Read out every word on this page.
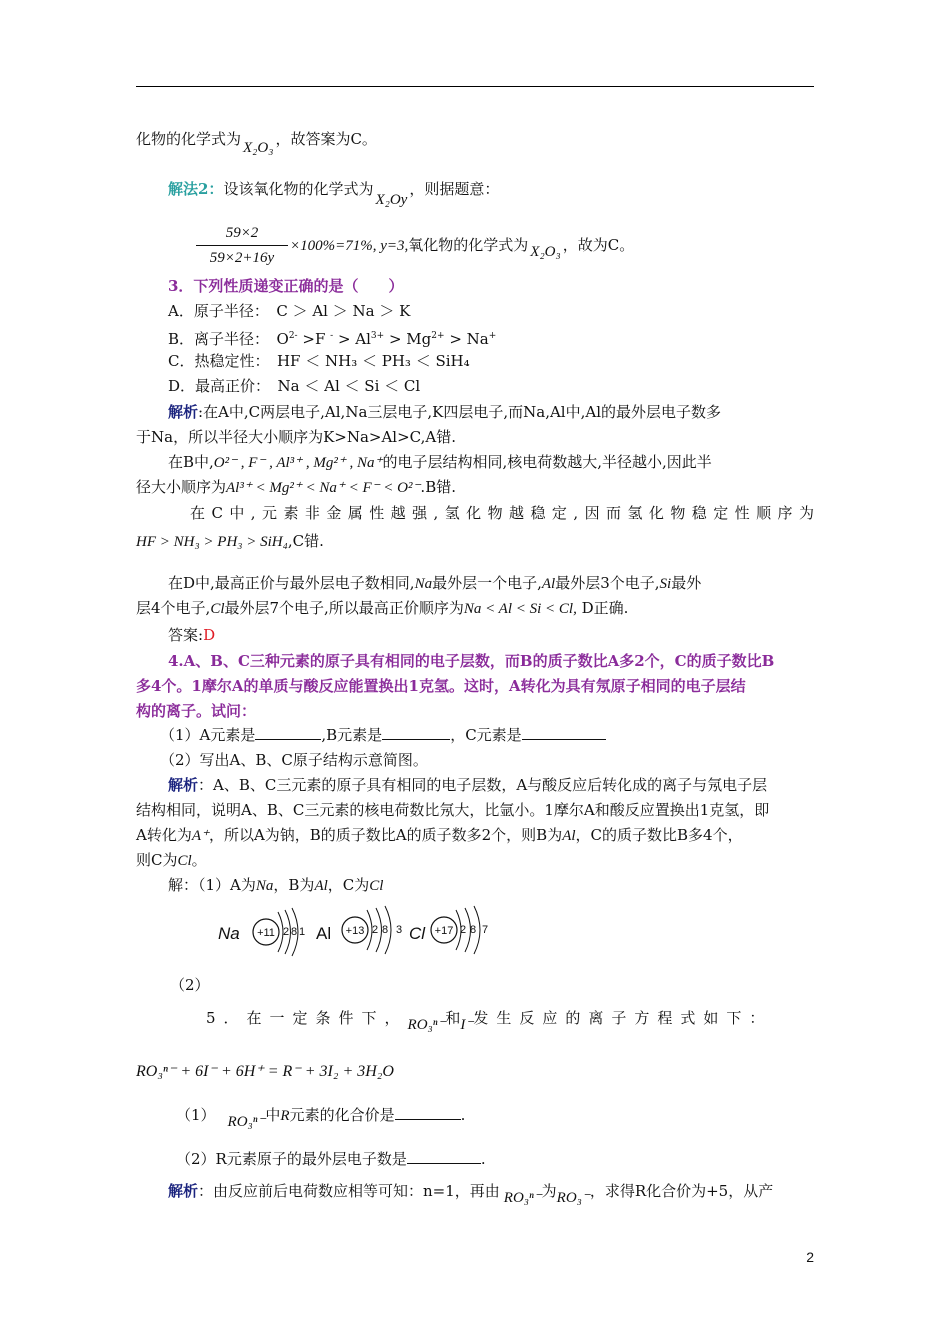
化物的化学式为 X₂O₃ ，故答案为C。
解法2：设该氧化物的化学式为X₂Oy，则据题意：
59×2
59×2+16y
×100%=71%, y=3,氧化物的化学式为 X₂O₃ ，故为C。
3．下列性质递变正确的是（　　）
A．原子半径：　C ＞ Al ＞ Na ＞ K
B．离子半径：　$O^{2-} >F$ $^- > Al^{3+} > Mg^{2+} > Na^+$
C．热稳定性：　HF ＜ NH₃ ＜ PH₃ ＜ SiH₄
D．最高正价：　Na ＜ Al ＜ Si ＜ Cl
解析:在A中,C两层电子,Al,Na三层电子,K四层电子,而Na,Al中,Al的最外层电子数多
于Na，所以半径大小顺序为K>Na>Al>C,A错.
在B中,O²⁻ , F⁻ , Al³⁺ , Mg²⁺ , Na⁺的电子层结构相同,核电荷数越大,半径越小,因此半
径大小顺序为Al³⁺ < Mg²⁺ < Na⁺ < F⁻ < O²⁻.B错.
在C中,元素非金属性越强,氢化物越稳定,因而氢化物稳定性顺序为
HF > NH₃ > PH₃ > SiH₄,C错.
在D中,最高正价与最外层电子数相同,Na最外层一个电子,Al最外层3个电子,Si最外
层4个电子,Cl最外层7个电子,所以最高正价顺序为Na < Al < Si < Cl, D正确.
答案:D
4.A、B、C三种元素的原子具有相同的电子层数，而B的质子数比A多2个，C的质子数比B
多4个。1摩尔A的单质与酸反应能置换出1克氢。这时，A转化为具有氖原子相同的电子层结
构的离子。试问：
（1）A元素是	,B元素是	，C元素是
（2）写出A、B、C原子结构示意简图。
解析：A、B、C三元素的原子具有相同的电子层数，A与酸反应后转化成的离子与氖电子层
结构相同，说明A、B、C三元素的核电荷数比氖大，比氩小。1摩尔A和酸反应置换出1克氢，即
A转化为A⁺，所以A为钠，B的质子数比A的质子数多2个，则B为Al，C的质子数比B多4个，
则C为Cl。
解：（1）A为Na，B为Al，C为Cl
Na +11 2 8 1 Al +13 2 8 3 Cl +17 2 8 7
（2）
5．在一定条件下，RO₃ⁿ⁻和I⁻发生反应的离子方程式如下：
RO₃ⁿ⁻ + 6I⁻ + 6H⁺ = R⁻ + 3I₂ + 3H₂O
（1） RO₃ⁿ⁻中R元素的化合价是	.
（2）R元素原子的最外层电子数是	.
解析：由反应前后电荷数应相等可知：n=1，再由 RO₃ⁿ⁻为RO₃⁻，求得R化合价为+5，从产
2
